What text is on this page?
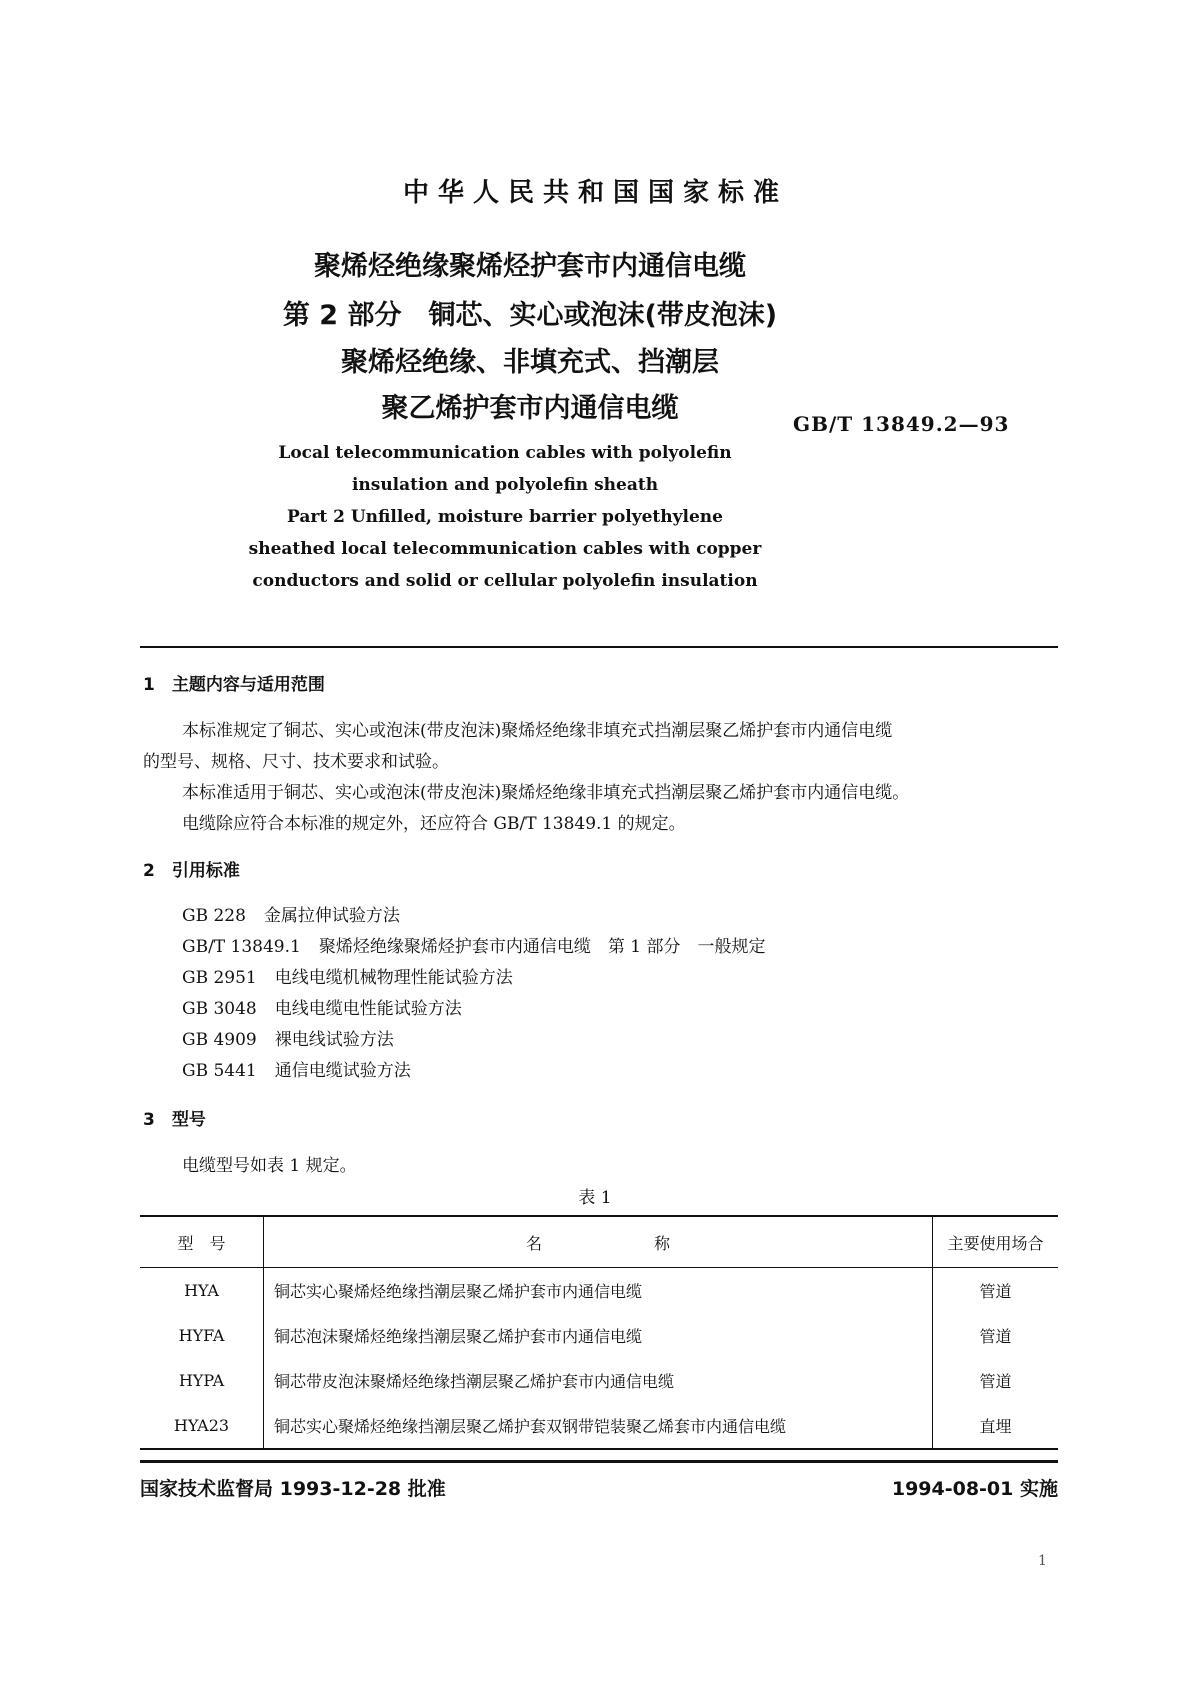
中华人民共和国国家标准
聚烯烃绝缘聚烯烃护套市内通信电缆
第 2 部分　铜芯、实心或泡沫(带皮泡沫)
聚烯烃绝缘、非填充式、挡潮层
聚乙烯护套市内通信电缆	GB/T 13849.2—93
Local telecommunication cables with polyolefin
insulation and polyolefin sheath
Part 2 Unfilled, moisture barrier polyethylene
sheathed local telecommunication cables with copper
conductors and solid or cellular polyolefin insulation
1　主题内容与适用范围
本标准规定了铜芯、实心或泡沫(带皮泡沫)聚烯烃绝缘非填充式挡潮层聚乙烯护套市内通信电缆
的型号、规格、尺寸、技术要求和试验。
本标准适用于铜芯、实心或泡沫(带皮泡沫)聚烯烃绝缘非填充式挡潮层聚乙烯护套市内通信电缆。
电缆除应符合本标准的规定外，还应符合 GB/T 13849.1 的规定。
2　引用标准
GB 228 金属拉伸试验方法
GB/T 13849.1 聚烯烃绝缘聚烯烃护套市内通信电缆　第 1 部分　一般规定
GB 2951 电线电缆机械物理性能试验方法
GB 3048 电线电缆电性能试验方法
GB 4909 裸电线试验方法
GB 5441 通信电缆试验方法
3　型号
电缆型号如表 1 规定。
表 1
型　号	名　　　　　　　称	主要使用场合
HYA	铜芯实心聚烯烃绝缘挡潮层聚乙烯护套市内通信电缆	管道
HYFA	铜芯泡沫聚烯烃绝缘挡潮层聚乙烯护套市内通信电缆	管道
HYPA	铜芯带皮泡沫聚烯烃绝缘挡潮层聚乙烯护套市内通信电缆	管道
HYA23	铜芯实心聚烯烃绝缘挡潮层聚乙烯护套双钢带铠装聚乙烯套市内通信电缆	直埋
国家技术监督局 1993-12-28 批准	1994-08-01 实施
1
